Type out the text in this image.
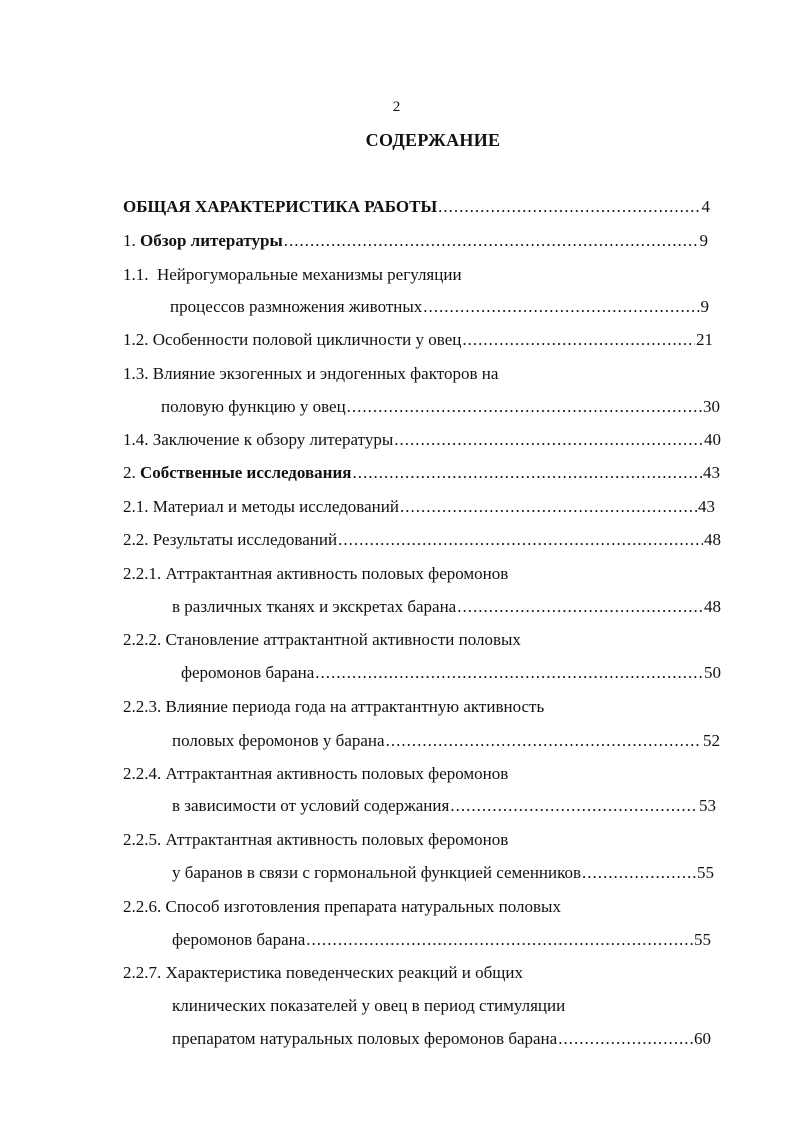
2
СОДЕРЖАНИЕ
ОБЩАЯ ХАРАКТЕРИСТИКА РАБОТЫ .....	4
1.
Обзор литературы .....	9
1.1. Нейрогуморальные механизмы регуляции
процессов размножения животных .....	9
1.2.
Особенности половой цикличности у овец .....	21
1.3. Влияние экзогенных и эндогенных факторов на
половую функцию у овец .....	30
1.4.
Заключение к обзору литературы .....	40
2.
Собственные исследования .....	43
2.1.
Материал и методы исследований .....	43
2.2.
Результаты исследований .....	48
2.2.1. Аттрактантная активность половых феромонов
в различных тканях и экскретах барана .....	48
2.2.2. Становление аттрактантной активности половых
феромонов барана .....	50
2.2.3. Влияние периода года на аттрактантную активность
половых феромонов у барана .....	52
2.2.4. Аттрактантная активность половых феромонов
в зависимости от условий содержания .....	53
2.2.5. Аттрактантная активность половых феромонов
у баранов в связи с гормональной функцией семенников .....	55
2.2.6. Способ изготовления препарата натуральных половых
феромонов барана .....	55
2.2.7. Характеристика поведенческих реакций и общих
клинических показателей у овец в период стимуляции
препаратом натуральных половых феромонов барана .....	60
